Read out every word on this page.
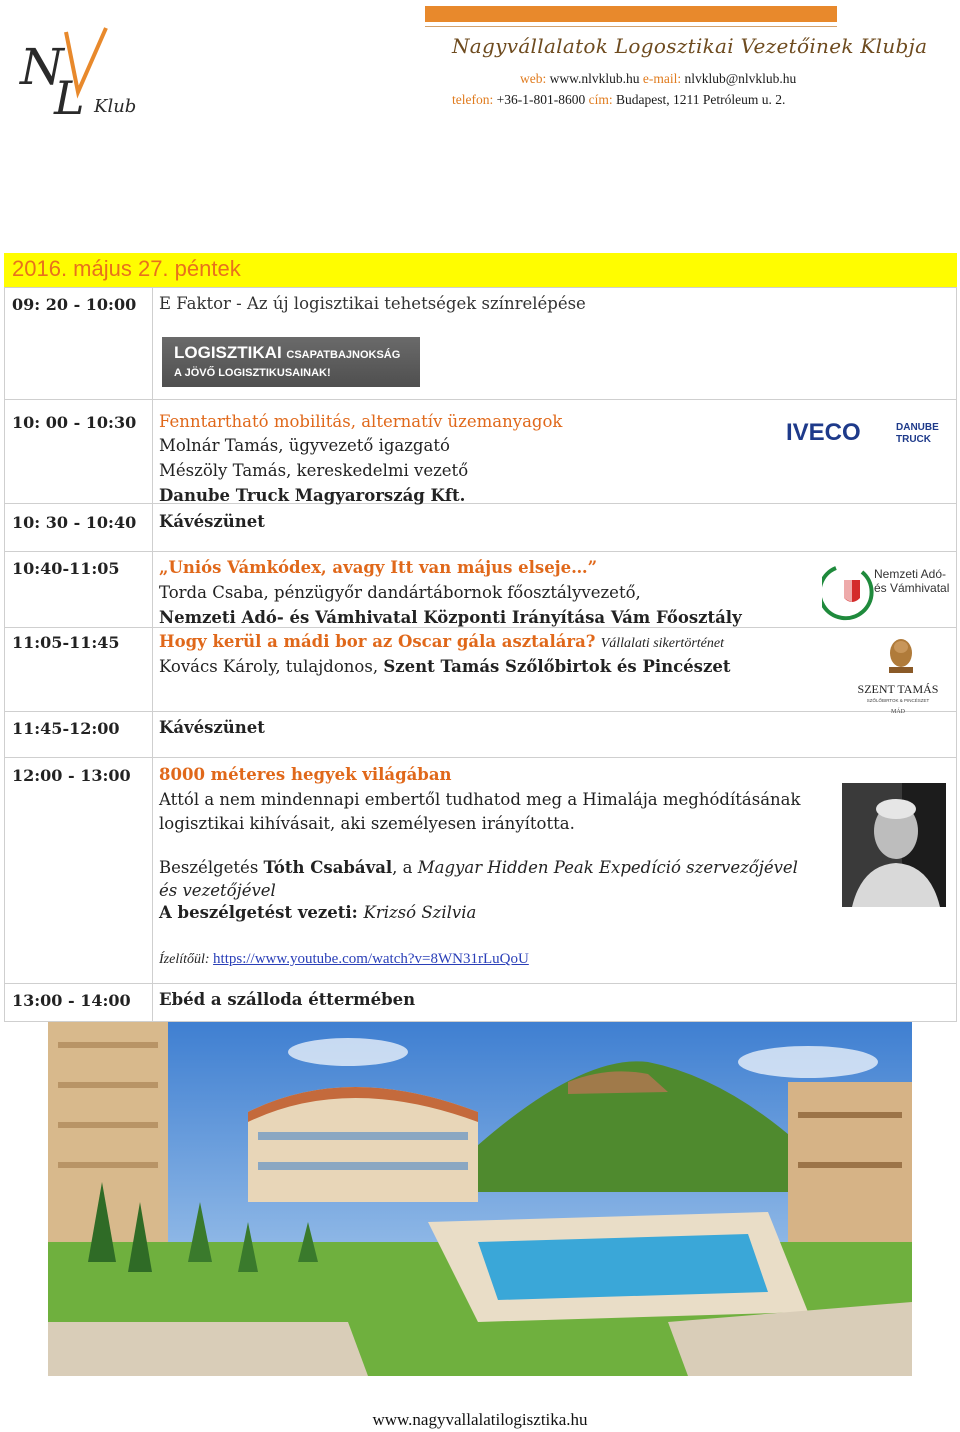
N
L Klub
Nagyvállalatok Logosztikai Vezetőinek Klubja
web: www.nlvklub.hu e-mail: nlvklub@nlvklub.hu
telefon: +36-1-801-8600 cím: Budapest, 1211 Petróleum u. 2.
2016. május 27. péntek
09: 20 - 10:00 E Faktor - Az új logisztikai tehetségek színrelépése
LOGISZTIKAI CSAPATBAJNOKSÁG
A JÖVŐ LOGISZTIKUSAINAK!
10: 00 - 10:30 Fenntartható mobilitás, alternatív üzemanyagok
Molnár Tamás, ügyvezető igazgató
Mészöly Tamás, kereskedelmi vezető
Danube Truck Magyarország Kft.
IVECO	DANUBE
TRUCK
10: 30 - 10:40 Kávészünet
10:40-11:05 „Uniós Vámkódex, avagy Itt van május elseje…”
Torda Csaba, pénzügyőr dandártábornok főosztályvezető,
Nemzeti Adó- és Vámhivatal Központi Irányítása Vám Főosztály
Nemzeti Adó-
és Vámhivatal
11:05-11:45 Hogy kerül a mádi bor az Oscar gála asztalára? Vállalati sikertörténet
Kovács Károly, tulajdonos, Szent Tamás Szőlőbirtok és Pincészet
SZENT TAMÁS
SZŐLŐBIRTOK & PINCÉSZET
MÁD
11:45-12:00 Kávészünet
12:00 - 13:00 8000 méteres hegyek világában
Attól a nem mindennapi embertől tudhatod meg a Himalája meghódításának
logisztikai kihívásait, aki személyesen irányította.
Beszélgetés Tóth Csabával, a Magyar Hidden Peak Expedíció szervezőjével
és vezetőjével
A beszélgetést vezeti: Krizsó Szilvia
Ízelítőül: https://www.youtube.com/watch?v=8WN31rLuQoU
13:00 - 14:00 Ebéd a szálloda éttermében
www.nagyvallalatilogisztika.hu
